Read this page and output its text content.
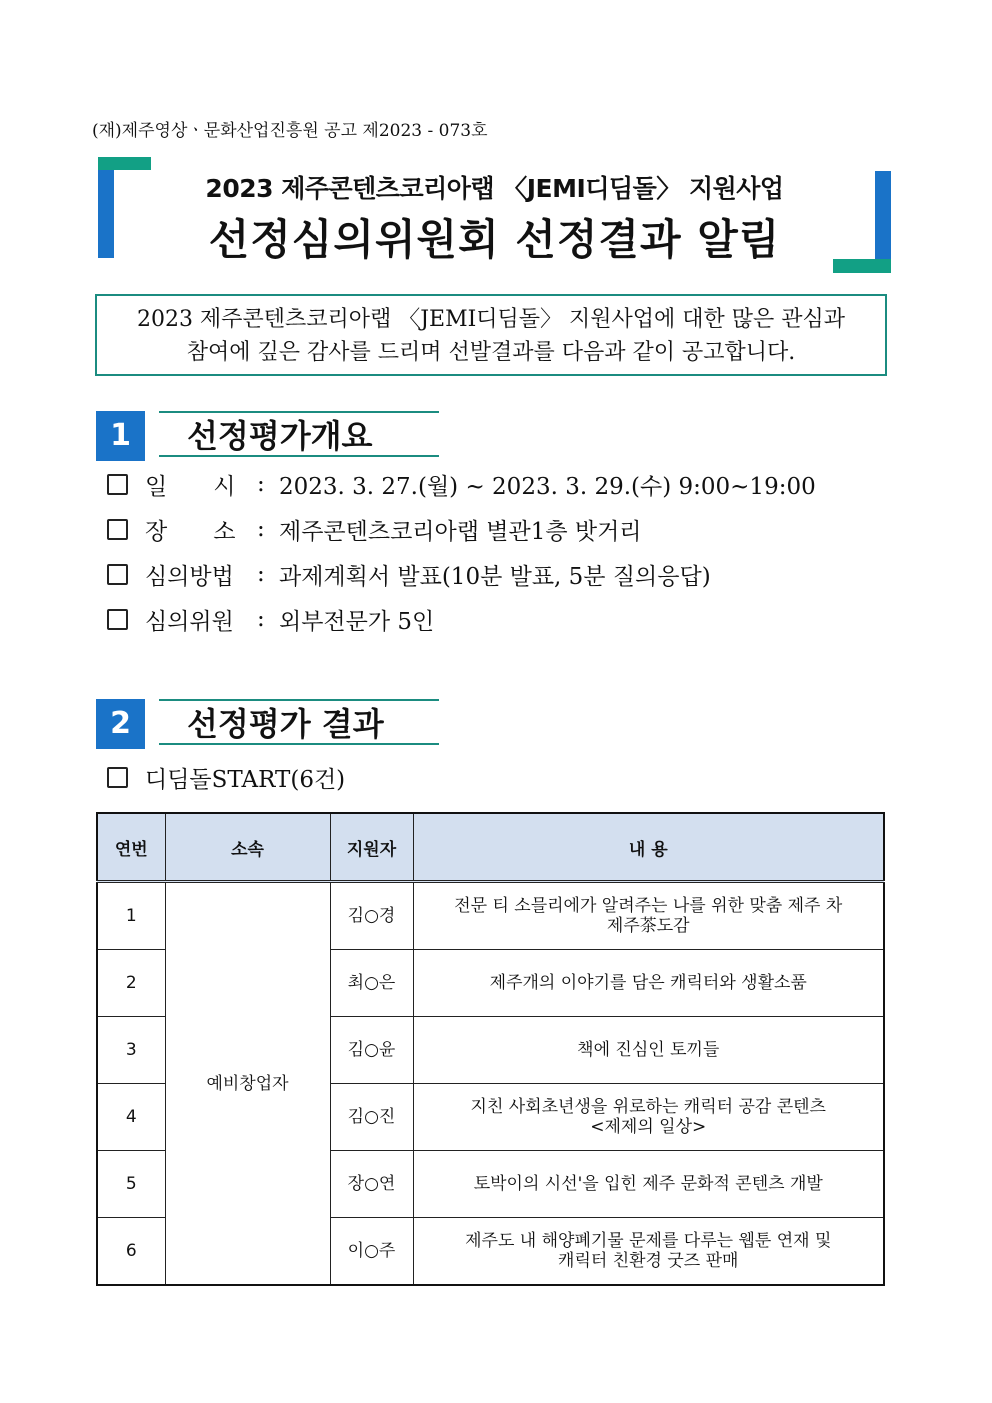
(재)제주영상ㆍ문화산업진흥원 공고 제2023 - 073호
2023 제주콘텐츠코리아랩 〈JEMI디딤돌〉 지원사업
선정심의위원회 선정결과 알림

2023 제주콘텐츠코리아랩 〈JEMI디딤돌〉 지원사업에 대한 많은 관심과

참여에 깊은 감사를 드리며 선발결과를 다음과 같이 공고합니다.

1	선정평가개요
일　　시 : 2023. 3. 27.(월) ~ 2023. 3. 29.(수) 9:00~19:00
장　　소 : 제주콘텐츠코리아랩 별관1층 밧거리
심의방법	: 과제계획서 발표(10분 발표, 5분 질의응답)
심의위원	: 외부전문가 5인
2	선정평가 결과
디딤돌START(6건)
연번	소속	지원자	내 용
1	예비창업자	김○경	전문 티 소믈리에가 알려주는 나를 위한 맞춤 제주 차
제주茶도감

2		최○은	제주개의 이야기를 담은 캐릭터와 생활소품

3		김○윤	책에 진심인 토끼들

4		김○진	지친 사회초년생을 위로하는 캐릭터 공감 콘텐츠
<제제의 일상>

5		장○연	토박이의 시선'을 입힌 제주 문화적 콘텐츠 개발

6		이○주	제주도 내 해양폐기물 문제를 다루는 웹툰 연재 및
캐릭터 친환경 굿즈 판매
